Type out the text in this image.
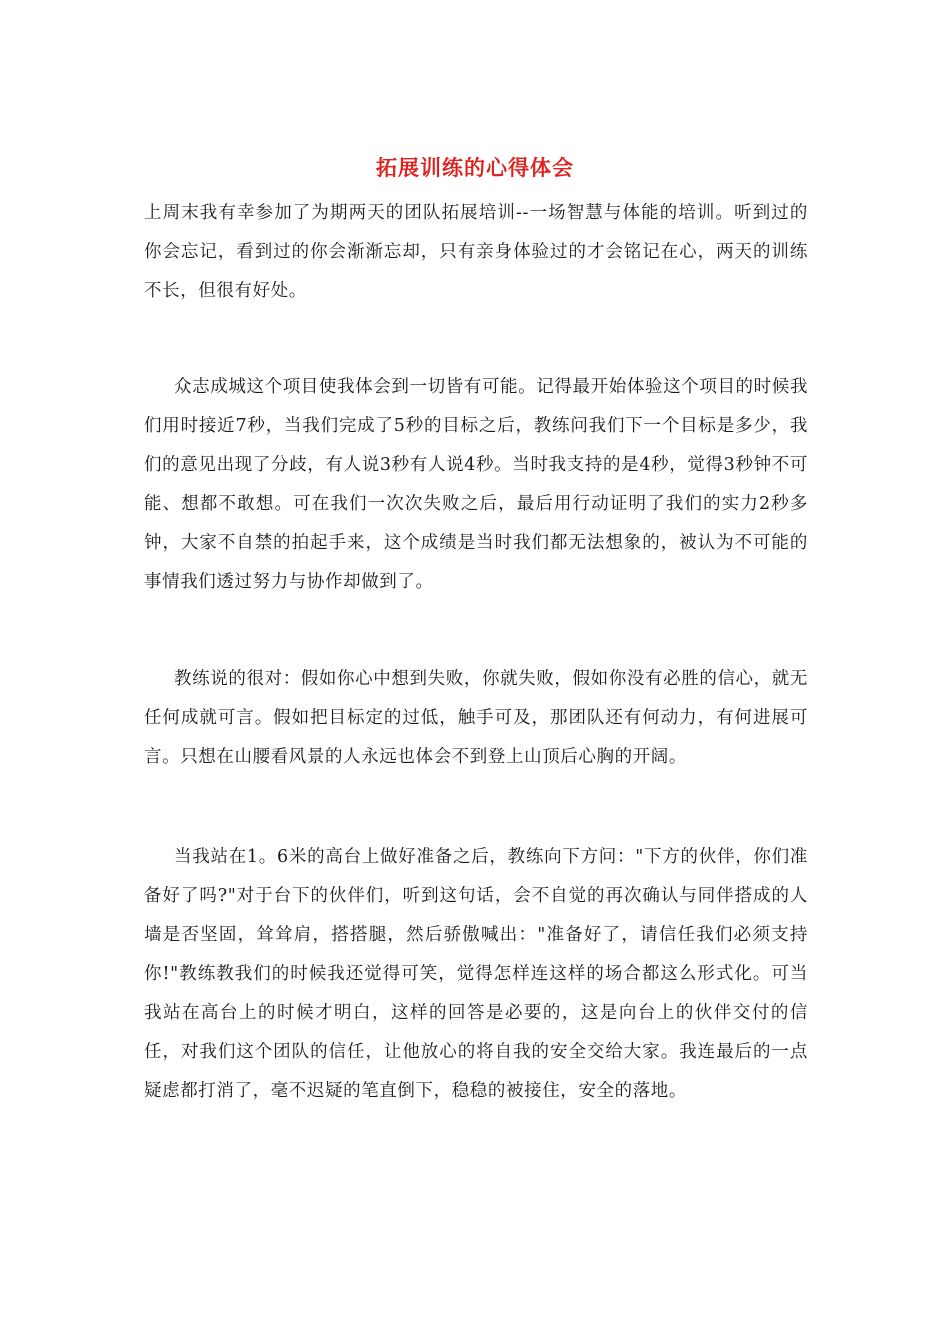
拓展训练的心得体会

上周末我有幸参加了为期两天的团队拓展培训--一场智慧与体能的培训。听到过的你会忘记，看到过的你会渐渐忘却，只有亲身体验过的才会铭记在心，两天的训练不长，但很有好处。

众志成城这个项目使我体会到一切皆有可能。记得最开始体验这个项目的时候我们用时接近7秒，当我们完成了5秒的目标之后，教练问我们下一个目标是多少，我们的意见出现了分歧，有人说3秒有人说4秒。当时我支持的是4秒，觉得3秒钟不可能、想都不敢想。可在我们一次次失败之后，最后用行动证明了我们的实力2秒多钟，大家不自禁的拍起手来，这个成绩是当时我们都无法想象的，被认为不可能的事情我们透过努力与协作却做到了。

教练说的很对：假如你心中想到失败，你就失败，假如你没有必胜的信心，就无任何成就可言。假如把目标定的过低，触手可及，那团队还有何动力，有何进展可言。只想在山腰看风景的人永远也体会不到登上山顶后心胸的开阔。

当我站在1。6米的高台上做好准备之后，教练向下方问："下方的伙伴，你们准备好了吗?"对于台下的伙伴们，听到这句话，会不自觉的再次确认与同伴搭成的人墙是否坚固，耸耸肩，搭搭腿，然后骄傲喊出："准备好了，请信任我们必须支持你!"教练教我们的时候我还觉得可笑，觉得怎样连这样的场合都这么形式化。可当我站在高台上的时候才明白，这样的回答是必要的，这是向台上的伙伴交付的信任，对我们这个团队的信任，让他放心的将自我的安全交给大家。我连最后的一点疑虑都打消了，毫不迟疑的笔直倒下，稳稳的被接住，安全的落地。
